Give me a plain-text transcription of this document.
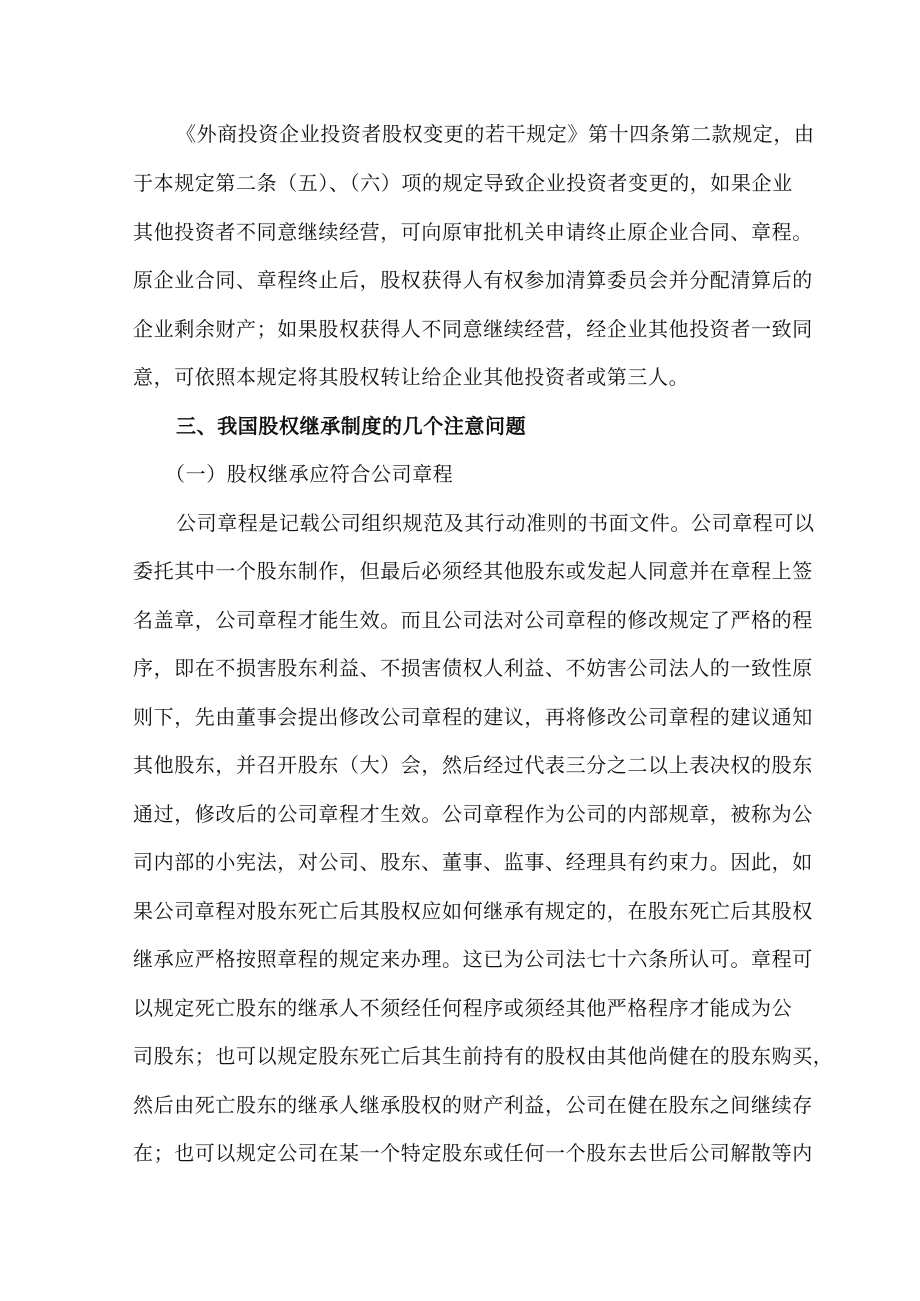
《外商投资企业投资者股权变更的若干规定》第十四条第二款规定，由
于本规定第二条（五）、（六）项的规定导致企业投资者变更的，如果企业
其他投资者不同意继续经营，可向原审批机关申请终止原企业合同、章程。
原企业合同、章程终止后，股权获得人有权参加清算委员会并分配清算后的
企业剩余财产；如果股权获得人不同意继续经营，经企业其他投资者一致同
意，可依照本规定将其股权转让给企业其他投资者或第三人。
三、我国股权继承制度的几个注意问题
（一）股权继承应符合公司章程
公司章程是记载公司组织规范及其行动准则的书面文件。公司章程可以
委托其中一个股东制作，但最后必须经其他股东或发起人同意并在章程上签
名盖章，公司章程才能生效。而且公司法对公司章程的修改规定了严格的程
序，即在不损害股东利益、不损害债权人利益、不妨害公司法人的一致性原
则下，先由董事会提出修改公司章程的建议，再将修改公司章程的建议通知
其他股东，并召开股东（大）会，然后经过代表三分之二以上表决权的股东
通过，修改后的公司章程才生效。公司章程作为公司的内部规章，被称为公
司内部的小宪法，对公司、股东、董事、监事、经理具有约束力。因此，如
果公司章程对股东死亡后其股权应如何继承有规定的，在股东死亡后其股权
继承应严格按照章程的规定来办理。这已为公司法七十六条所认可。章程可
以规定死亡股东的继承人不须经任何程序或须经其他严格程序才能成为公
司股东；也可以规定股东死亡后其生前持有的股权由其他尚健在的股东购买，
然后由死亡股东的继承人继承股权的财产利益，公司在健在股东之间继续存
在；也可以规定公司在某一个特定股东或任何一个股东去世后公司解散等内
